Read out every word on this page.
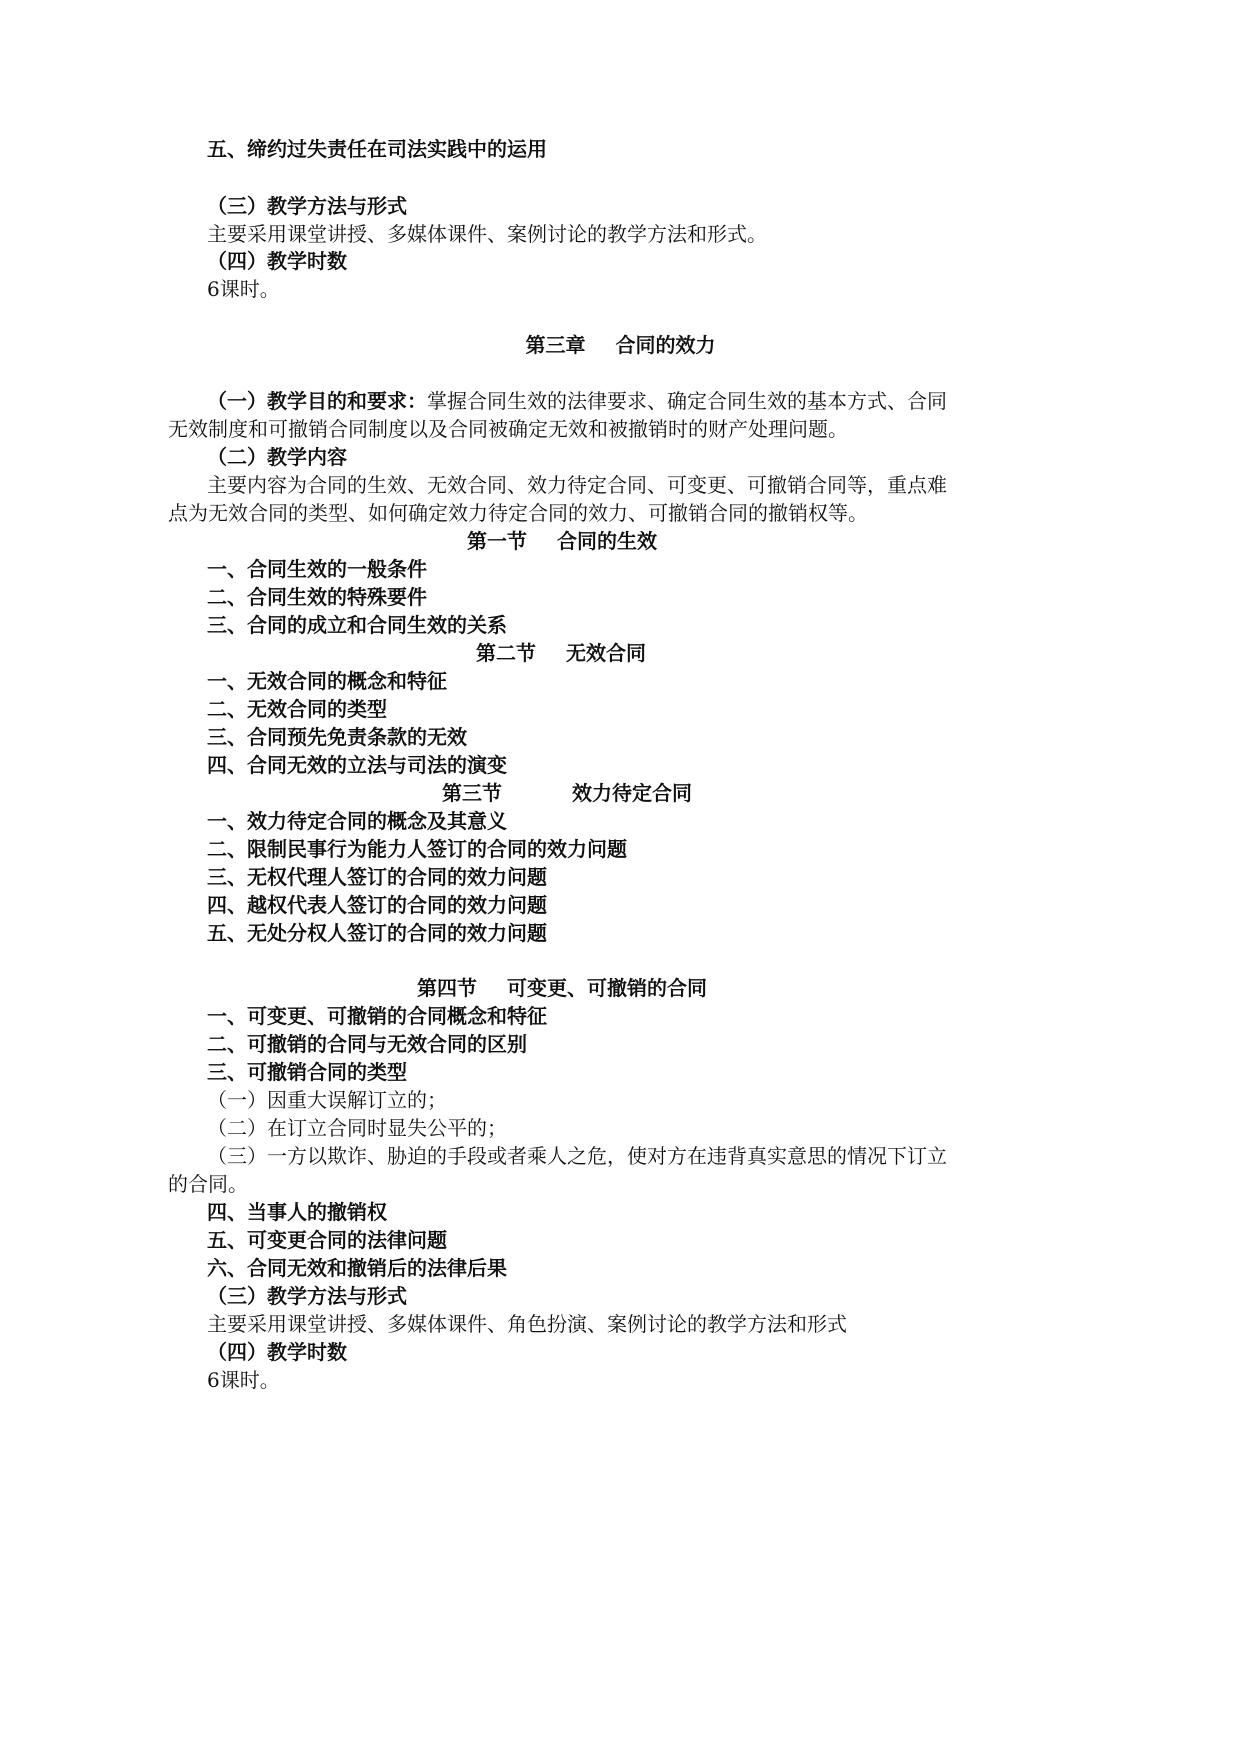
五、缔约过失责任在司法实践中的运用
（三）教学方法与形式
主要采用课堂讲授、多媒体课件、案例讨论的教学方法和形式。
（四）教学时数
6课时。
第三章 合同的效力
（一）教学目的和要求：掌握合同生效的法律要求、确定合同生效的基本方式、合同
无效制度和可撤销合同制度以及合同被确定无效和被撤销时的财产处理问题。
（二）教学内容
主要内容为合同的生效、无效合同、效力待定合同、可变更、可撤销合同等，重点难
点为无效合同的类型、如何确定效力待定合同的效力、可撤销合同的撤销权等。
第一节 合同的生效
一、合同生效的一般条件
二、合同生效的特殊要件
三、合同的成立和合同生效的关系
第二节 无效合同
一、无效合同的概念和特征
二、无效合同的类型
三、合同预先免责条款的无效
四、合同无效的立法与司法的演变
第三节	效力待定合同
一、效力待定合同的概念及其意义
二、限制民事行为能力人签订的合同的效力问题
三、无权代理人签订的合同的效力问题
四、越权代表人签订的合同的效力问题
五、无处分权人签订的合同的效力问题
第四节 可变更、可撤销的合同
一、可变更、可撤销的合同概念和特征
二、可撤销的合同与无效合同的区别
三、可撤销合同的类型
（一）因重大误解订立的；
（二）在订立合同时显失公平的；
（三）一方以欺诈、胁迫的手段或者乘人之危，使对方在违背真实意思的情况下订立
的合同。
四、当事人的撤销权
五、可变更合同的法律问题
六、合同无效和撤销后的法律后果
（三）教学方法与形式
主要采用课堂讲授、多媒体课件、角色扮演、案例讨论的教学方法和形式
（四）教学时数
6课时。
